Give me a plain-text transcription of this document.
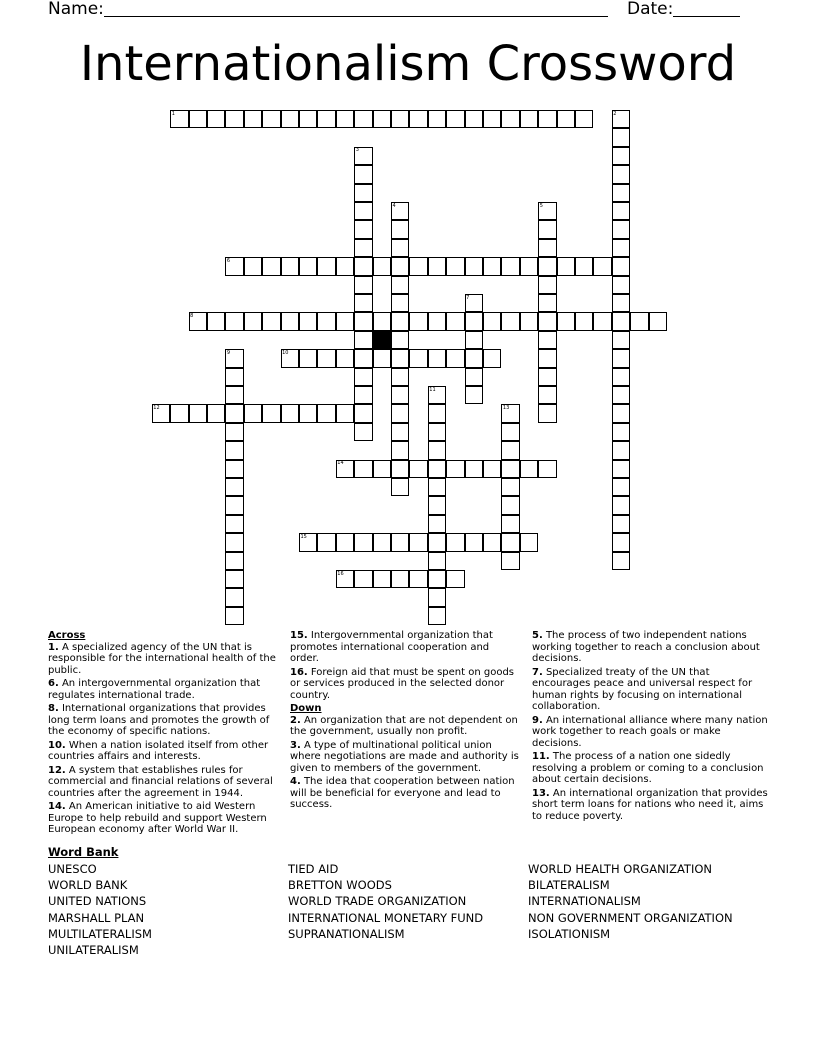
Name:	Date:
Internationalism Crossword
1	2
3
4	5
6
7
8
9	10
11
12	13
14
15
16
Across
1. A specialized agency of the UN that is responsible for the international health of the public.
6. An intergovernmental organization that regulates international trade.
8. International organizations that provides long term loans and promotes the growth of the economy of specific nations.
10. When a nation isolated itself from other countries affairs and interests.
12. A system that establishes rules for commercial and financial relations of several countries after the agreement in 1944.
14. An American initiative to aid Western Europe to help rebuild and support Western European economy after World War II.
15. Intergovernmental organization that promotes international cooperation and order.
16. Foreign aid that must be spent on goods or services produced in the selected donor country.
Down
2. An organization that are not dependent on the government, usually non profit.
3. A type of multinational political union where negotiations are made and authority is given to members of the government.
4. The idea that cooperation between nation will be beneficial for everyone and lead to success.
5. The process of two independent nations working together to reach a conclusion about decisions.
7. Specialized treaty of the UN that encourages peace and universal respect for human rights by focusing on international collaboration.
9. An international alliance where many nation work together to reach goals or make decisions.
11. The process of a nation one sidedly resolving a problem or coming to a conclusion about certain decisions.
13. An international organization that provides short term loans for nations who need it, aims to reduce poverty.
Word Bank
UNESCO
WORLD BANK
UNITED NATIONS
MARSHALL PLAN
MULTILATERALISM
UNILATERALISM
TIED AID
BRETTON WOODS
WORLD TRADE ORGANIZATION
INTERNATIONAL MONETARY FUND
SUPRANATIONALISM
WORLD HEALTH ORGANIZATION
BILATERALISM
INTERNATIONALISM
NON GOVERNMENT ORGANIZATION
ISOLATIONISM
